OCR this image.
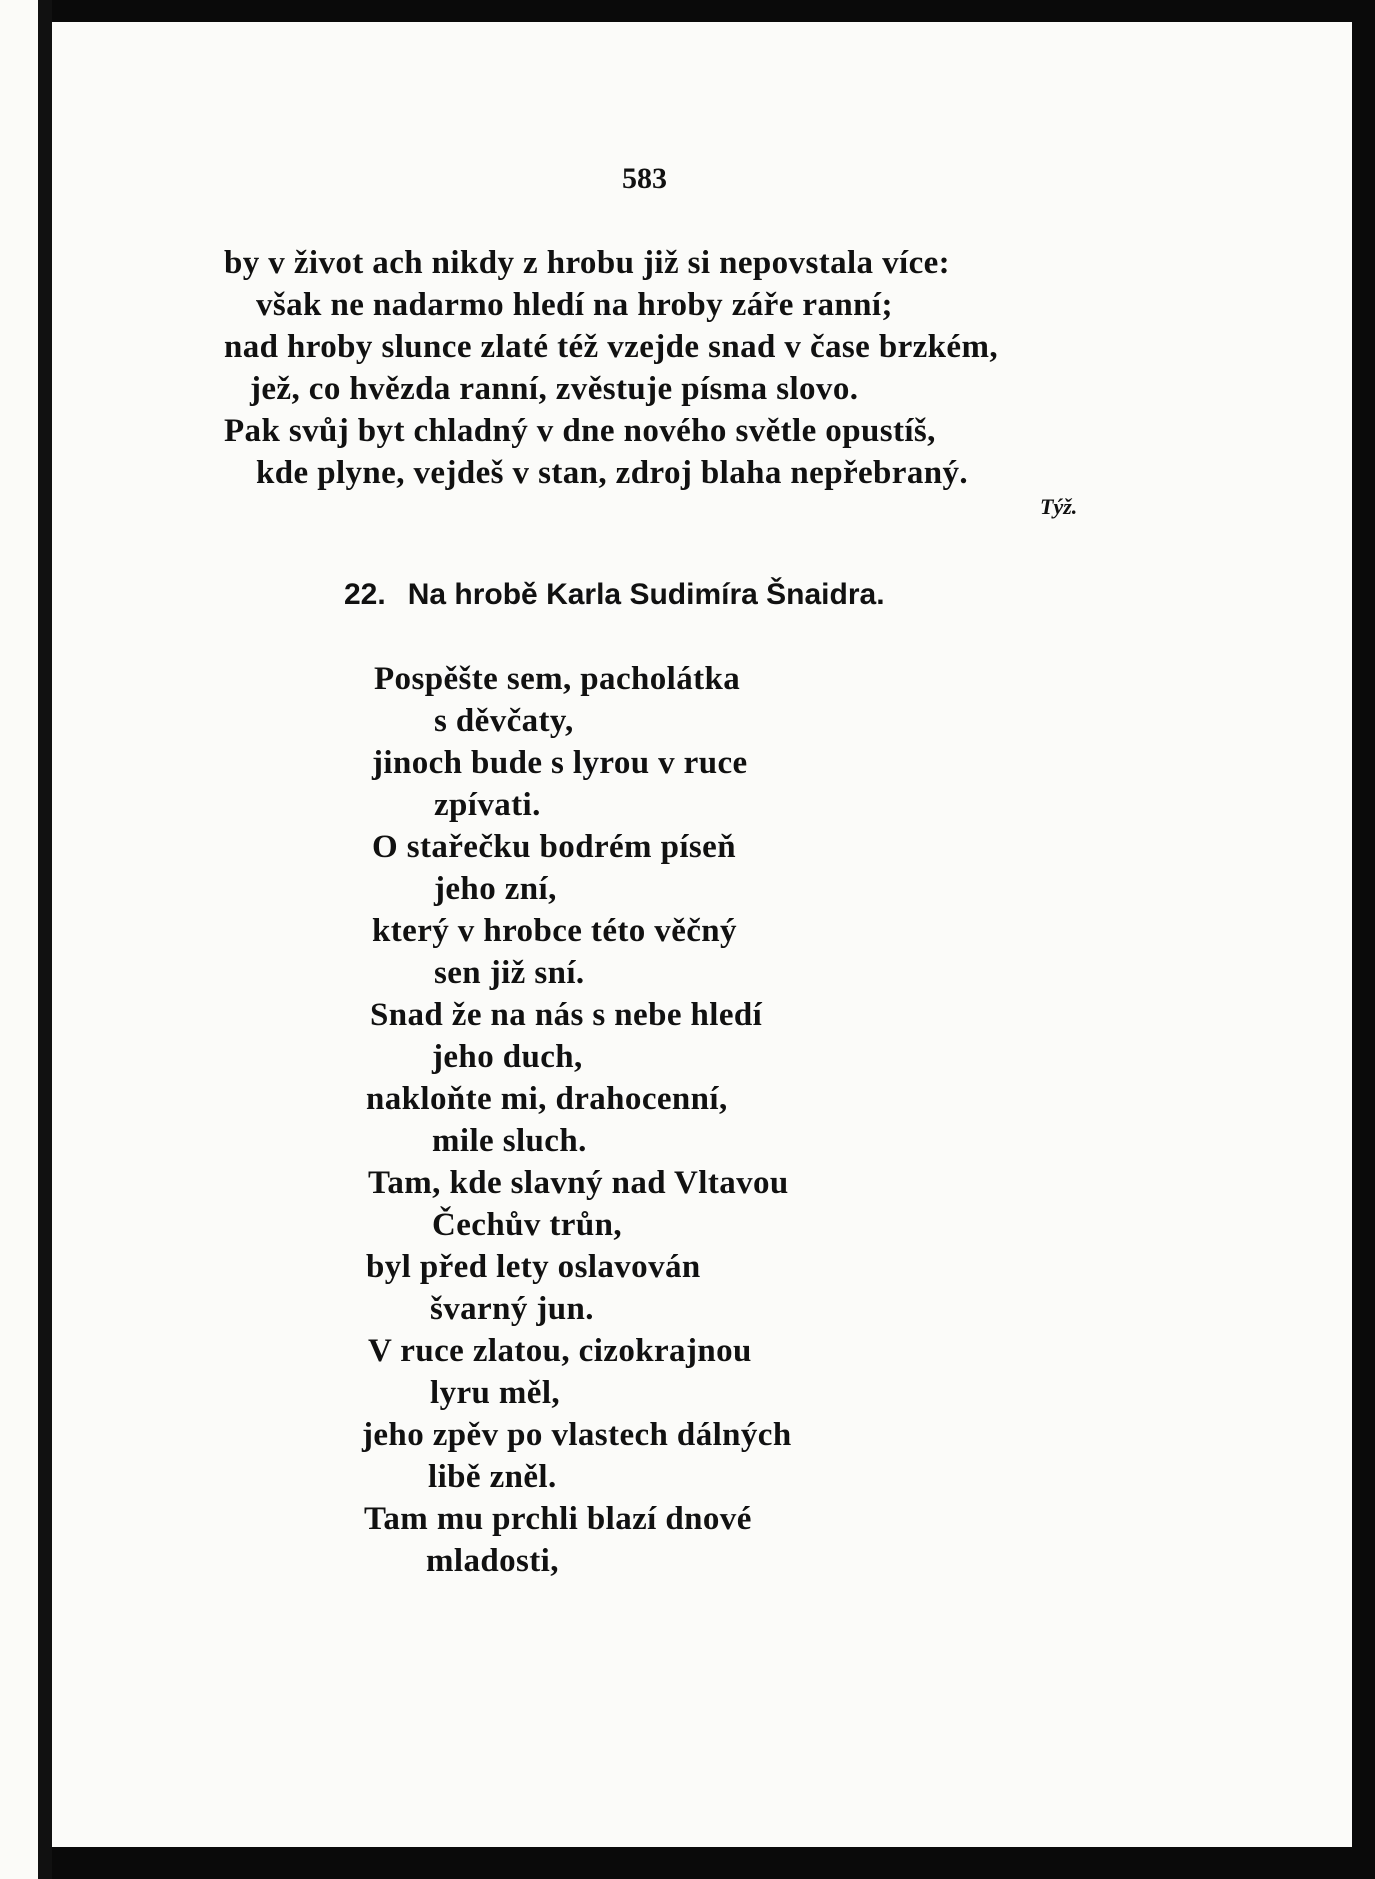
583
by v život ach nikdy z hrobu již si nepovstala více:
však ne nadarmo hledí na hroby záře ranní;
nad hroby slunce zlaté též vzejde snad v čase brzkém,
jež, co hvězda ranní, zvěstuje písma slovo.
Pak svůj byt chladný v dne nového světle opustíš,
kde plyne, vejdeš v stan, zdroj blaha nepřebraný.
Týž.
22. Na hrobě Karla Sudimíra Šnaidra.
Pospěšte sem, pacholátka
s děvčaty,
jinoch bude s lyrou v ruce
zpívati.
O stařečku bodrém píseň
jeho zní,
který v hrobce této věčný
sen již sní.
Snad že na nás s nebe hledí
jeho duch,
nakloňte mi, drahocenní,
mile sluch.
Tam, kde slavný nad Vltavou
Čechův trůn,
byl před lety oslavován
švarný jun.
V ruce zlatou, cizokrajnou
lyru měl,
jeho zpěv po vlastech dálných
libě zněl.
Tam mu prchli blazí dnové
mladosti,
